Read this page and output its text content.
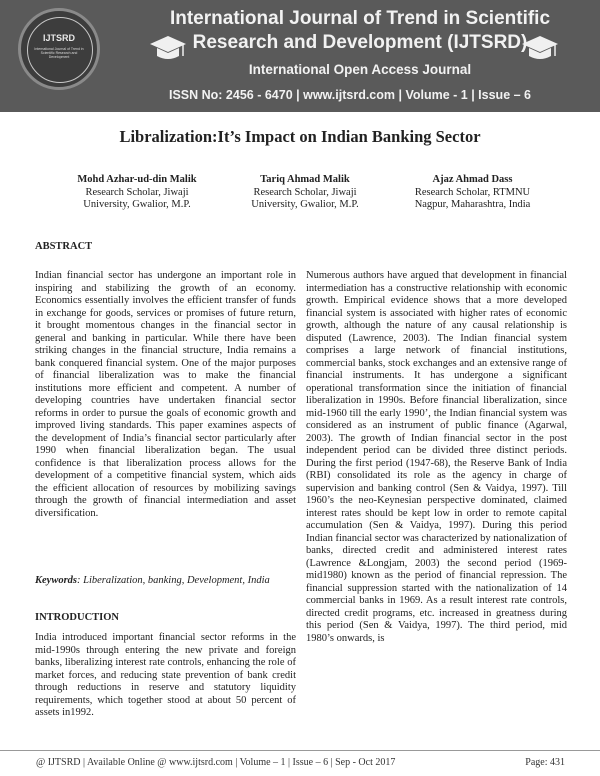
IJTSRD
International Journal of Trend in Scientific Research and Development
International Journal of Trend in Scientific
Research and Development (IJTSRD)
International Open Access Journal
ISSN No: 2456 - 6470 | www.ijtsrd.com | Volume - 1 | Issue – 6
Libralization:It’s Impact on Indian Banking Sector
Mohd Azhar-ud-din Malik
Research Scholar, Jiwaji
University, Gwalior, M.P.
Tariq Ahmad Malik
Research Scholar, Jiwaji
University, Gwalior, M.P.
Ajaz Ahmad Dass
Research Scholar, RTMNU
Nagpur, Maharashtra, India
ABSTRACT
Indian financial sector has undergone an important role in inspiring and stabilizing the growth of an economy. Economics essentially involves the efficient transfer of funds in exchange for goods, services or promises of future return, it brought momentous changes in the financial sector in general and banking in particular. While there have been striking changes in the financial structure, India remains a bank conquered financial system. One of the major purposes of financial liberalization was to make the financial institutions more efficient and competent. A number of developing countries have undertaken financial sector reforms in order to pursue the goals of economic growth and improved living standards. This paper examines aspects of the development of India’s financial sector particularly after 1990 when financial liberalization began. The usual confidence is that liberalization process allows for the development of a competitive financial system, which aids the efficient allocation of resources by mobilizing savings through the growth of financial intermediation and asset diversification.
Keywords: Liberalization, banking, Development, India
INTRODUCTION
India introduced important financial sector reforms in the mid-1990s through entering the new private and foreign banks, liberalizing interest rate controls, enhancing the role of market forces, and reducing state prevention of bank credit through reductions in reserve and statutory liquidity requirements, which together stood at about 50 percent of assets in1992.
Numerous authors have argued that development in financial intermediation has a constructive relationship with economic growth. Empirical evidence shows that a more developed financial system is associated with higher rates of economic growth, although the nature of any causal relationship is disputed (Lawrence, 2003). The Indian financial system comprises a large network of financial institutions, commercial banks, stock exchanges and an extensive range of financial instruments. It has undergone a significant operational transformation since the initiation of financial liberalization in 1990s. Before financial liberalization, since mid-1960 till the early 1990’, the Indian financial system was considered as an instrument of public finance (Agarwal, 2003). The growth of Indian financial sector in the post independent period can be divided three distinct periods. During the first period (1947-68), the Reserve Bank of India (RBI) consolidated its role as the agency in charge of supervision and banking control (Sen & Vaidya, 1997). Till 1960’s the neo-Keynesian perspective dominated, claimed interest rates should be kept low in order to remote capital accumulation (Sen & Vaidya, 1997). During this period Indian financial sector was characterized by nationalization of banks, directed credit and administered interest rates (Lawrence &Longjam, 2003) the second period (1969- mid1980) known as the period of financial repression. The financial suppression started with the nationalization of 14 commercial banks in 1969. As a result interest rate controls, directed credit programs, etc. increased in greatness during this period (Sen & Vaidya, 1997). The third period, mid 1980’s onwards, is
@ IJTSRD | Available Online @ www.ijtsrd.com | Volume – 1 | Issue – 6 | Sep - Oct 2017	Page: 431
